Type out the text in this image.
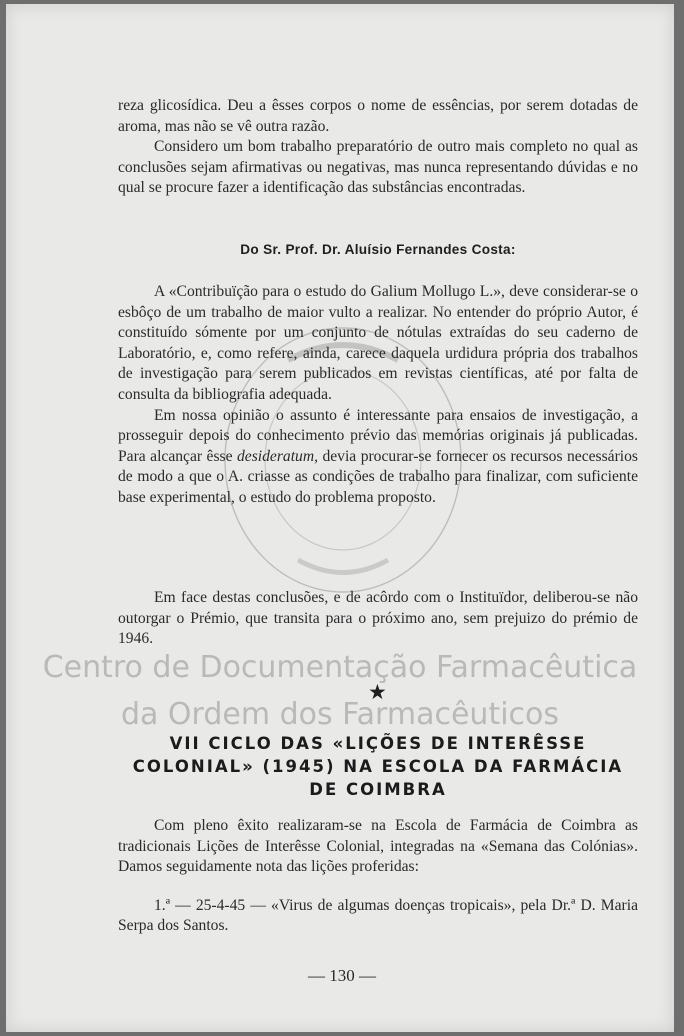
reza glicosídica. Deu a êsses corpos o nome de essências, por serem dotadas de aroma, mas não se vê outra razão.

Considero um bom trabalho preparatório de outro mais completo no qual as conclusões sejam afirmativas ou negativas, mas nunca representando dúvidas e no qual se procure fazer a identificação das substâncias encontradas.

Do Sr. Prof. Dr. Aluísio Fernandes Costa:

A «Contribuïção para o estudo do Galium Mollugo L.», deve considerar-se o esbôço de um trabalho de maior vulto a realizar. No entender do próprio Autor, é constituído sómente por um conjunto de nótulas extraídas do seu caderno de Laboratório, e, como refere, ainda, carece daquela urdidura própria dos trabalhos de investigação para serem publicados em revistas científicas, até por falta de consulta da bibliografia adequada.

Em nossa opinião o assunto é interessante para ensaios de investigação, a prosseguir depois do conhecimento prévio das memórias originais já publicadas. Para alcançar êsse desideratum, devia procurar-se fornecer os recursos necessários de modo a que o A. criasse as condições de trabalho para finalizar, com suficiente base experimental, o estudo do problema proposto.

Em face destas conclusões, e de acôrdo com o Instituïdor, deliberou-se não outorgar o Prémio, que transita para o próximo ano, sem prejuizo do prémio de 1946.

Centro de Documentação Farmacêutica
da Ordem dos Farmacêuticos
★
VII CICLO DAS «LIÇÕES DE INTERÊSSE
COLONIAL» (1945) NA ESCOLA DA FARMÁCIA
DE COIMBRA

Com pleno êxito realizaram-se na Escola de Farmácia de Coimbra as tradicionais Lições de Interêsse Colonial, integradas na «Semana das Colónias». Damos seguidamente nota das lições proferidas:

1.ª — 25-4-45 — «Virus de algumas doenças tropicais», pela Dr.ª D. Maria Serpa dos Santos.

— 130 —
